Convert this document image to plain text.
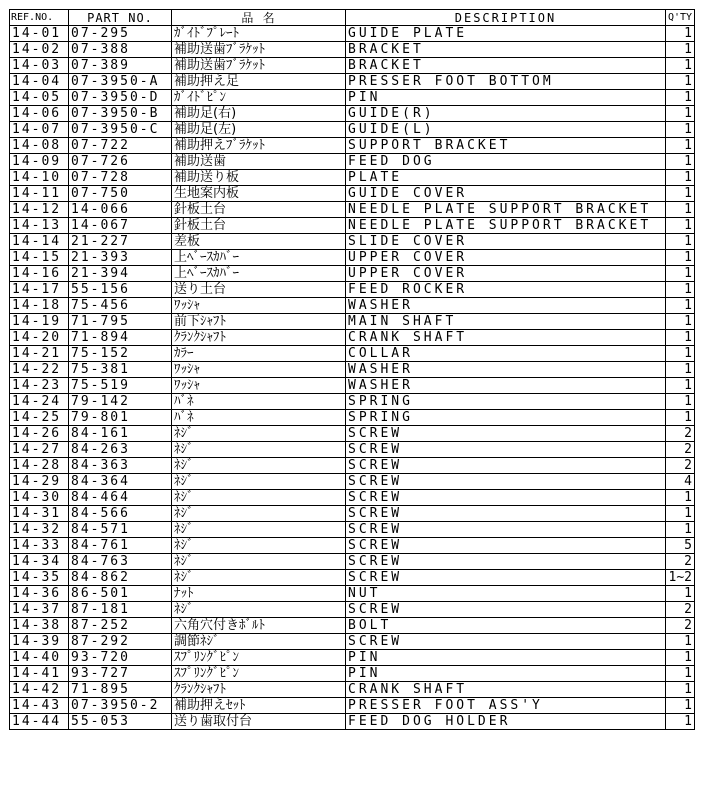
REF.NO.	PART NO.	品 名	DESCRIPTION	Q'TY
14-01	07-295	ｶﾞｲﾄﾞﾌﾟﾚｰﾄ	GUIDE PLATE	1
14-02	07-388	補助送歯ﾌﾞﾗｹｯﾄ	BRACKET	1
14-03	07-389	補助送歯ﾌﾞﾗｹｯﾄ	BRACKET	1
14-04	07-3950-A	補助押え足	PRESSER FOOT BOTTOM	1
14-05	07-3950-D	ｶﾞｲﾄﾞﾋﾟﾝ	PIN	1
14-06	07-3950-B	補助足(右)	GUIDE(R)	1
14-07	07-3950-C	補助足(左)	GUIDE(L)	1
14-08	07-722	補助押えﾌﾞﾗｹｯﾄ	SUPPORT BRACKET	1
14-09	07-726	補助送歯	FEED DOG	1
14-10	07-728	補助送り板	PLATE	1
14-11	07-750	生地案内板	GUIDE COVER	1
14-12	14-066	針板土台	NEEDLE PLATE SUPPORT BRACKET	1
14-13	14-067	針板土台	NEEDLE PLATE SUPPORT BRACKET	1
14-14	21-227	差板	SLIDE COVER	1
14-15	21-393	上ﾍﾞｰｽｶﾊﾞｰ	UPPER COVER	1
14-16	21-394	上ﾍﾞｰｽｶﾊﾞｰ	UPPER COVER	1
14-17	55-156	送り土台	FEED ROCKER	1
14-18	75-456	ﾜｯｼｬ	WASHER	1
14-19	71-795	前下ｼｬﾌﾄ	MAIN SHAFT	1
14-20	71-894	ｸﾗﾝｸｼｬﾌﾄ	CRANK SHAFT	1
14-21	75-152	ｶﾗｰ	COLLAR	1
14-22	75-381	ﾜｯｼｬ	WASHER	1
14-23	75-519	ﾜｯｼｬ	WASHER	1
14-24	79-142	ﾊﾞﾈ	SPRING	1
14-25	79-801	ﾊﾞﾈ	SPRING	1
14-26	84-161	ﾈｼﾞ	SCREW	2
14-27	84-263	ﾈｼﾞ	SCREW	2
14-28	84-363	ﾈｼﾞ	SCREW	2
14-29	84-364	ﾈｼﾞ	SCREW	4
14-30	84-464	ﾈｼﾞ	SCREW	1
14-31	84-566	ﾈｼﾞ	SCREW	1
14-32	84-571	ﾈｼﾞ	SCREW	1
14-33	84-761	ﾈｼﾞ	SCREW	5
14-34	84-763	ﾈｼﾞ	SCREW	2
14-35	84-862	ﾈｼﾞ	SCREW	1~2
14-36	86-501	ﾅｯﾄ	NUT	1
14-37	87-181	ﾈｼﾞ	SCREW	2
14-38	87-252	六角穴付きﾎﾞﾙﾄ	BOLT	2
14-39	87-292	調節ﾈｼﾞ	SCREW	1
14-40	93-720	ｽﾌﾟﾘﾝｸﾞﾋﾟﾝ	PIN	1
14-41	93-727	ｽﾌﾟﾘﾝｸﾞﾋﾟﾝ	PIN	1
14-42	71-895	ｸﾗﾝｸｼｬﾌﾄ	CRANK SHAFT	1
14-43	07-3950-2	補助押えｾｯﾄ	PRESSER FOOT ASS'Y	1
14-44	55-053	送り歯取付台	FEED DOG HOLDER	1
